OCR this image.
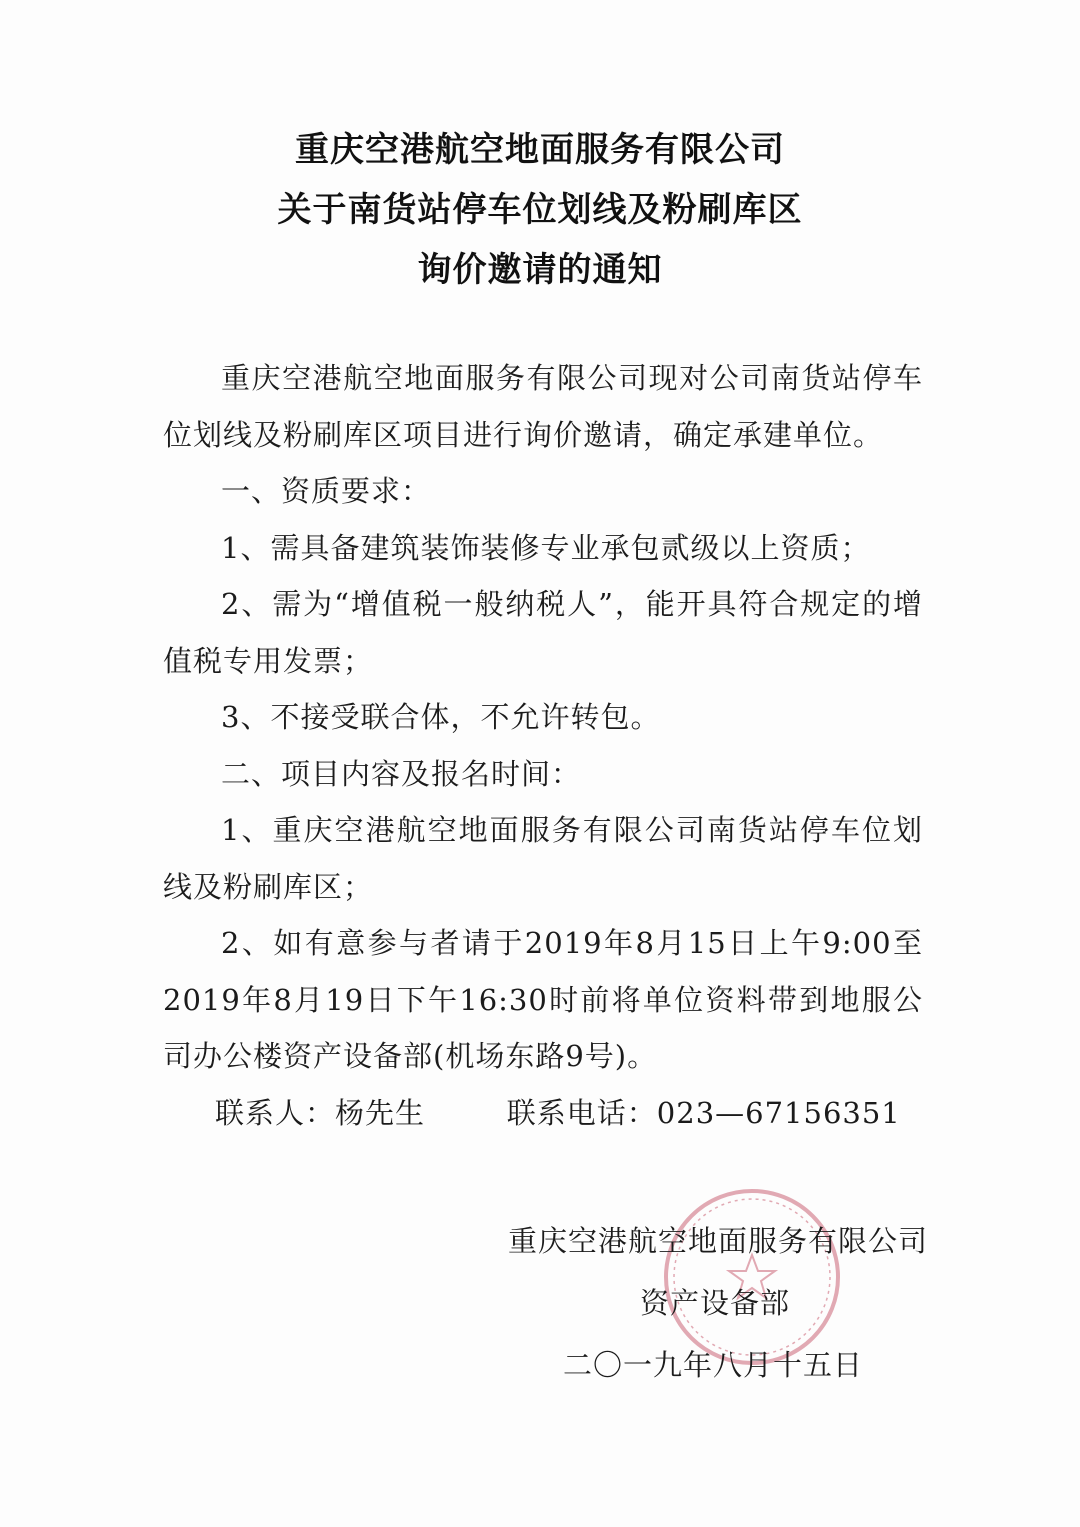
重庆空港航空地面服务有限公司
关于南货站停车位划线及粉刷库区
询价邀请的通知

重庆空港航空地面服务有限公司现对公司南货站停车位划线及粉刷库区项目进行询价邀请，确定承建单位。

一、资质要求：

1、需具备建筑装饰装修专业承包贰级以上资质；

2、需为“增值税一般纳税人”，能开具符合规定的增值税专用发票；

3、不接受联合体，不允许转包。

二、项目内容及报名时间：

1、重庆空港航空地面服务有限公司南货站停车位划线及粉刷库区；

2、如有意参与者请于2019年8月15日上午9:00至2019年8月19日下午16:30时前将单位资料带到地服公司办公楼资产设备部(机场东路9号)。

联系人：杨先生	联系电话：023—67156351

重庆空港航空地面服务有限公司
资产设备部
二〇一九年八月十五日
